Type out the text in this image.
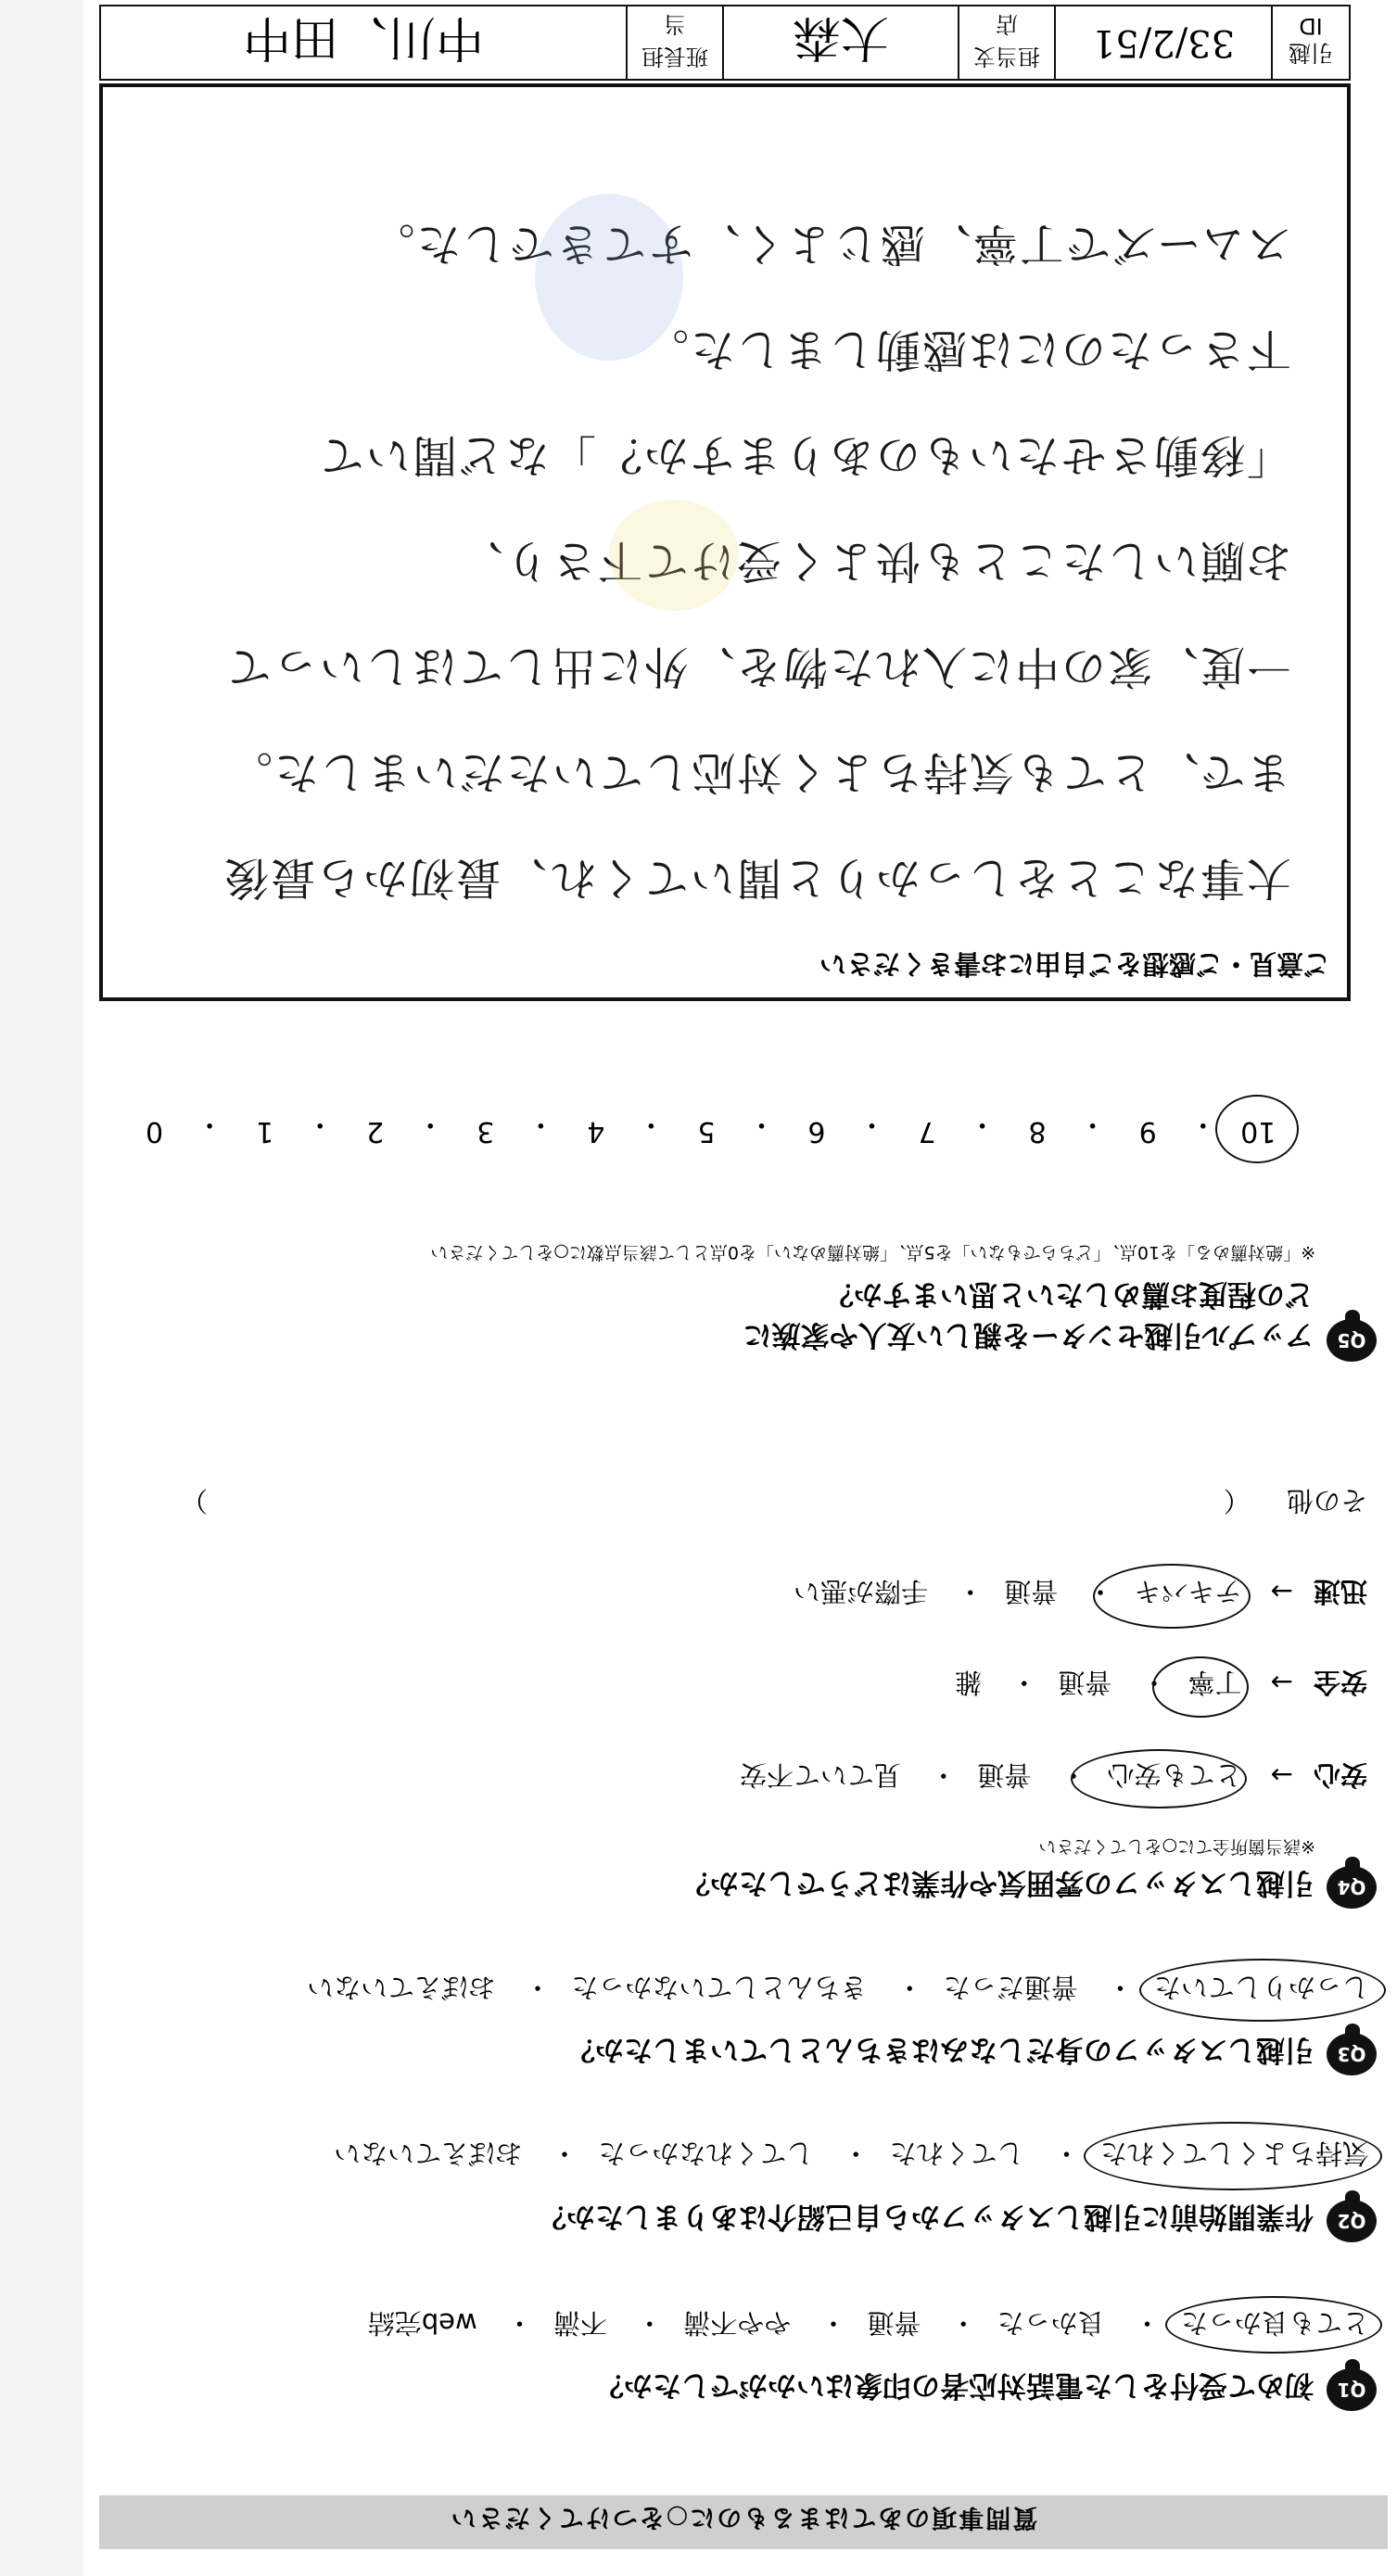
質問事項のあてはまるものに○をつけてください
Q1
初めて受付をした電話対応者の印象はいかがでしたか？
とても良かった・ 良かった・ 普通・ やや不満・ 不満・ web完結
Q2
作業開始前に引越しスタッフから自己紹介はありましたか？
気持ちよくしてくれた・ してくれた・ してくれなかった・ おぼえていない
Q3
引越しスタッフの身だしなみはきちんとしていましたか？
しっかりしていた・ 普通だった・ きちんとしていなかった・ おぼえていない
Q4
引越しスタッフの雰囲気や作業はどうでしたか？
※該当箇所全てに○をしてください
安心→ とても安心・ 普通・ 見ていて不安
安全→ 丁寧・ 普通・ 雑
迅速→ テキパキ・ 普通・ 手際が悪い
その他 （
）
Q5
アップル引越センターを親しい友人や家族に
どの程度お薦めしたいと思いますか？
※「絶対薦める」を10点、「どちらでもない」を5点、「絶対薦めない」を0点として該当点数に○をしてください
10
・
9
・
8
・
7
・
6
・
5
・
4
・
3
・
2
・
1
・
0
ご意見・ご感想をご自由にお書きください
大事なことをしっかりと聞いてくれ、最初から最後
まで、とても気持ちよく対応していただいました。
一度、家の中に入れた物を、外に出してほしいって
お願いしたことも快よく受けて下さり、
「移動させたいものありますか？」など聞いて
下さったのには感動しました。
スムーズで丁寧、感じよく、すてきでした。
引越ID	33/2/51	担当支店	大森	班長担当	中川、田中
